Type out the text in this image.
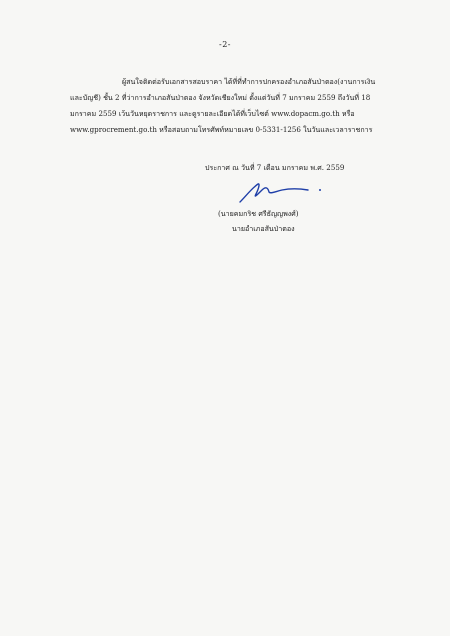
-2-
ผู้สนใจติดต่อรับเอกสารสอบราคา ได้ที่ที่ทำการปกครองอำเภอสันป่าตอง(งานการเงิน
และบัญชี) ชั้น 2 ที่ว่าการอำเภอสันป่าตอง จังหวัดเชียงใหม่ ตั้งแต่วันที่ 7 มกราคม 2559 ถึงวันที่ 18
มกราคม 2559 เว้นวันหยุดราชการ และดูรายละเอียดได้ที่เว็บไซต์ www.dopacm.go.th หรือ
www.gprocrement.go.th หรือสอบถามโทรศัพท์หมายเลข 0-5331-1256 ในวันและเวลาราชการ
ประกาศ ณ วันที่ 7 เดือน มกราคม พ.ศ. 2559
(นายคมกริช ศรีธัญญพงศ์)
นายอำเภอสันป่าตอง
